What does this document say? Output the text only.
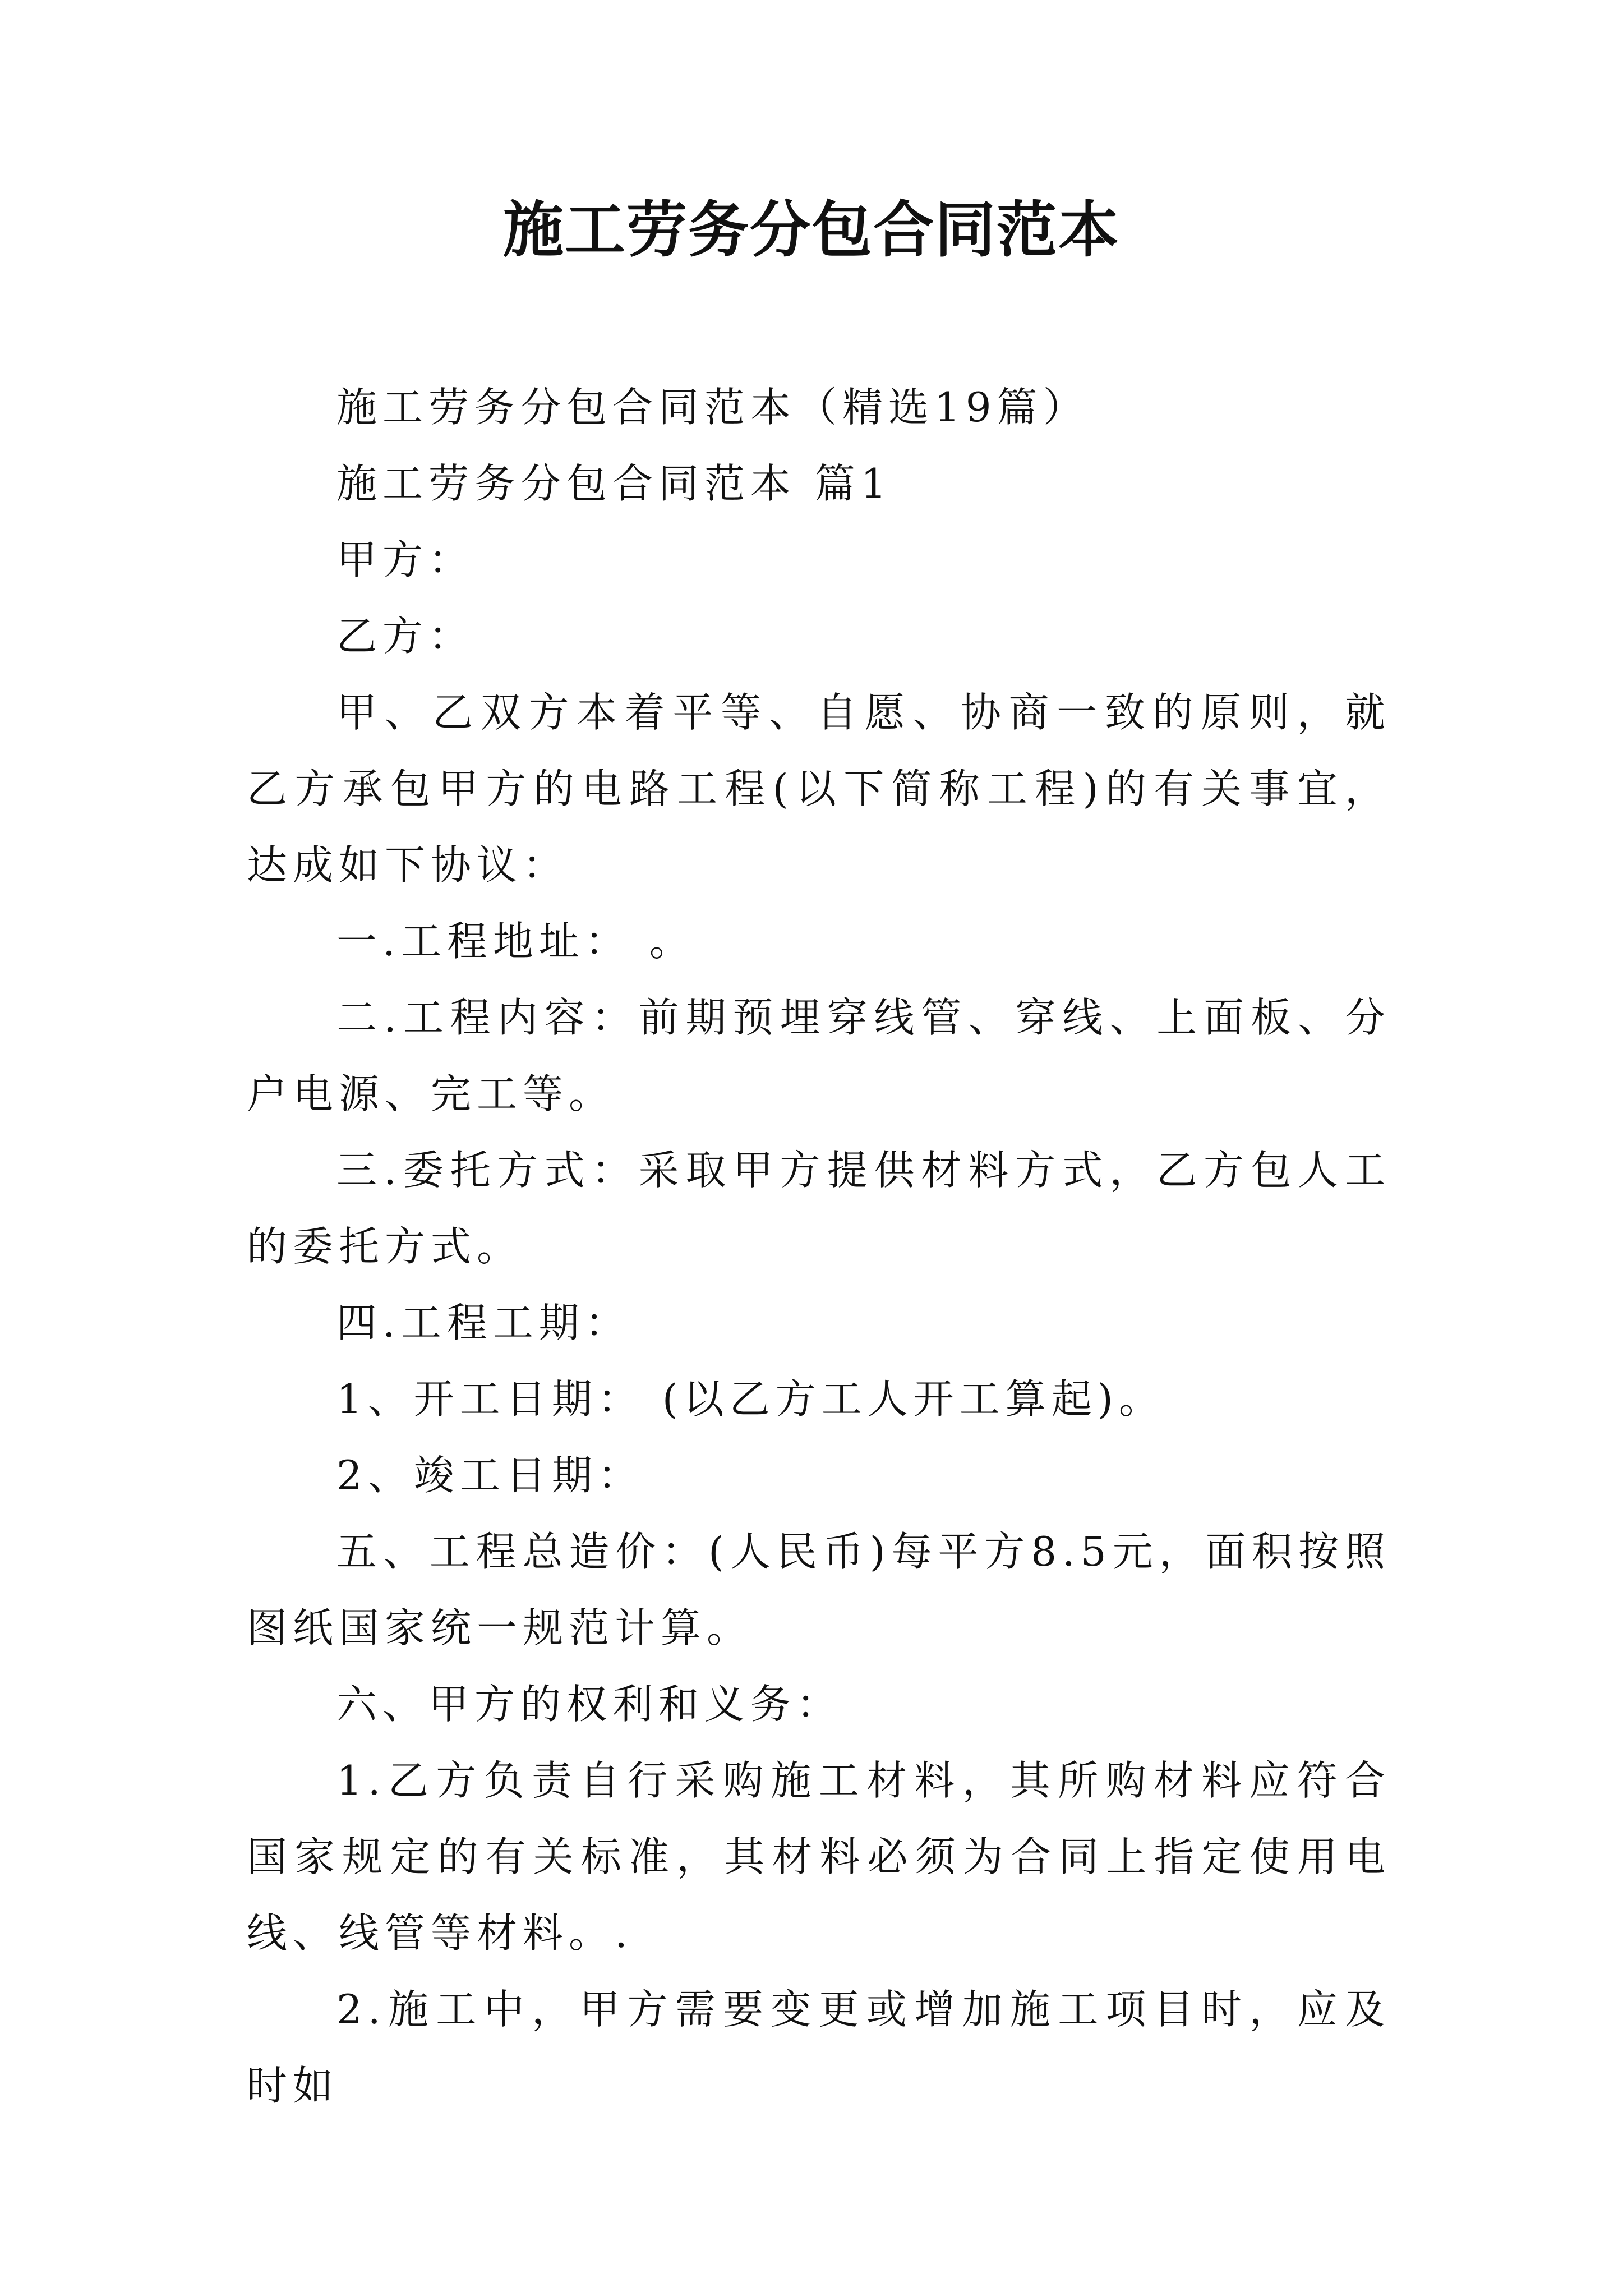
施工劳务分包合同范本

施工劳务分包合同范本（精选19篇）

施工劳务分包合同范本 篇1

甲方：

乙方：

甲、乙双方本着平等、自愿、协商一致的原则，就乙方承包甲方的电路工程(以下简称工程)的有关事宜，达成如下协议：

一.工程地址： 。

二.工程内容：前期预埋穿线管、穿线、上面板、分户电源、完工等。

三.委托方式：采取甲方提供材料方式，乙方包人工的委托方式。

四.工程工期：

1、开工日期： (以乙方工人开工算起)。

2、竣工日期：

五、工程总造价：(人民币)每平方8.5元，面积按照图纸国家统一规范计算。

六、甲方的权利和义务：

1.乙方负责自行采购施工材料，其所购材料应符合国家规定的有关标准，其材料必须为合同上指定使用电线、线管等材料。.

2.施工中，甲方需要变更或增加施工项目时，应及时如
